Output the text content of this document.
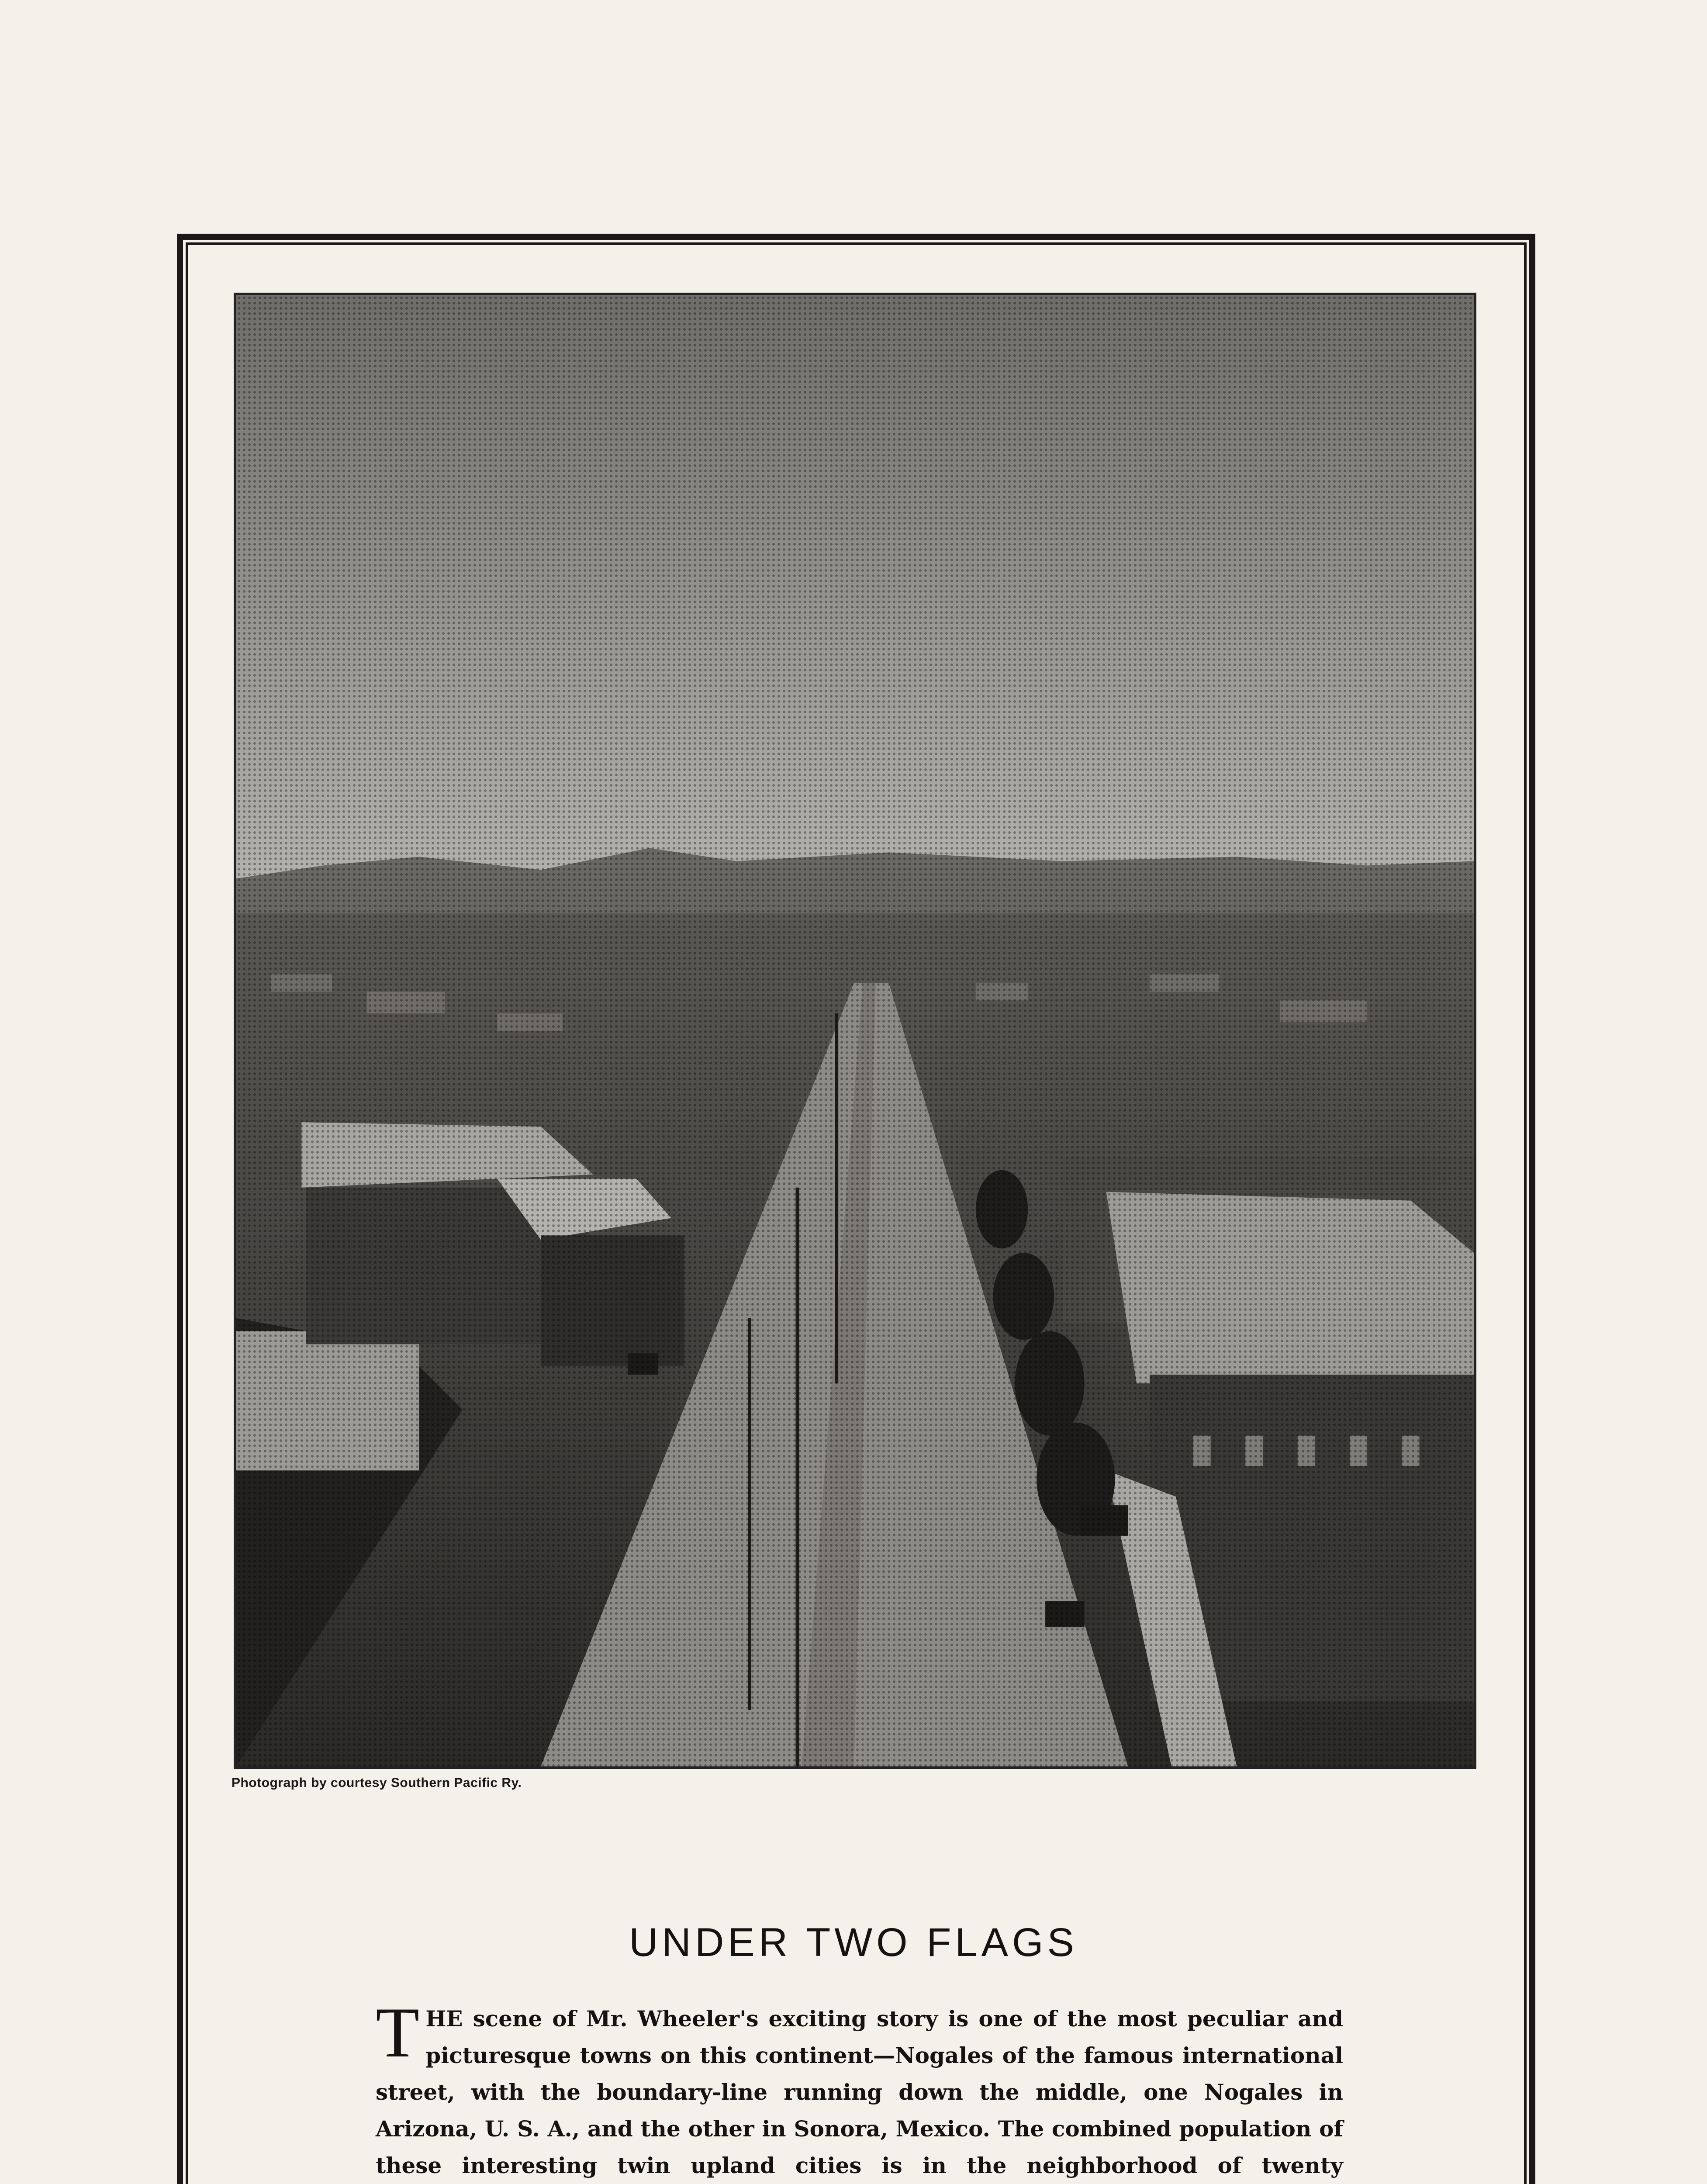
Photograph by courtesy Southern Pacific Ry.
UNDER TWO FLAGS
THE scene of Mr. Wheeler's exciting story is one of the most peculiar and picturesque towns on this continent—Nogales of the famous international street, with the boundary-line running down the middle, one Nogales in Arizona, U. S. A., and the other in Sonora, Mexico. The combined population of these interesting twin upland cities is in the neighborhood of twenty
